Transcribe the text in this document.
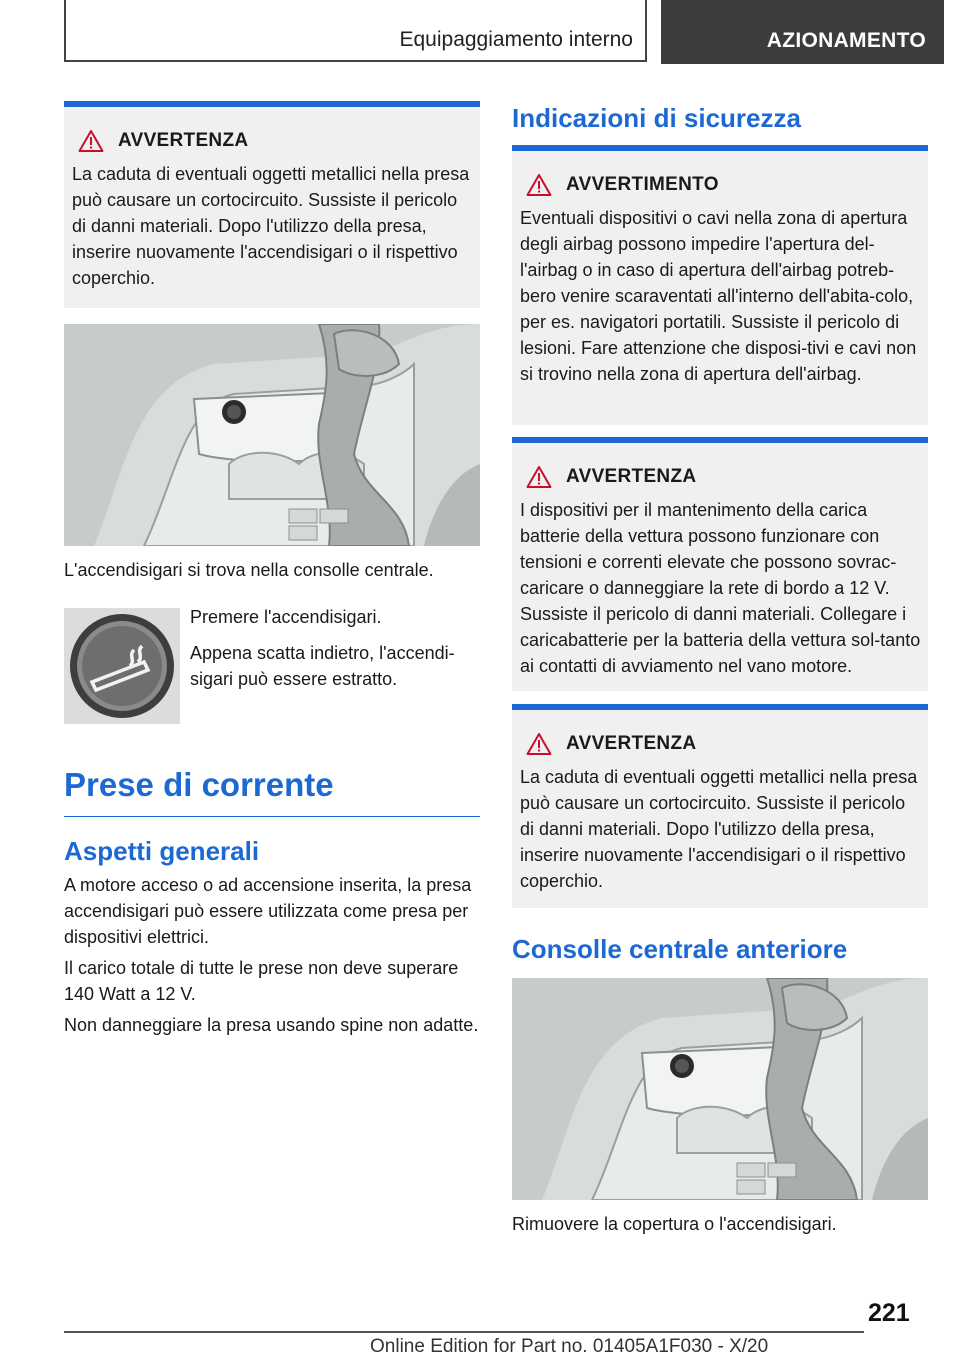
Equipaggiamento interno	AZIONAMENTO
AVVERTENZA
La caduta di eventuali oggetti metallici nella presa può causare un cortocircuito. Sussiste il pericolo di danni materiali. Dopo l'utilizzo della presa, inserire nuovamente l'accendisigari o il rispettivo coperchio.
L'accendisigari si trova nella consolle centrale.
Premere l'accendisigari.
Appena scatta indietro, l'accendi-sigari può essere estratto.
Prese di corrente
Aspetti generali
A motore acceso o ad accensione inserita, la presa accendisigari può essere utilizzata come presa per dispositivi elettrici.
Il carico totale di tutte le prese non deve superare 140 Watt a 12 V.
Non danneggiare la presa usando spine non adatte.
Indicazioni di sicurezza
AVVERTIMENTO
Eventuali dispositivi o cavi nella zona di apertura degli airbag possono impedire l'apertura del-l'airbag o in caso di apertura dell'airbag potreb-bero venire scaraventati all'interno dell'abita-colo, per es. navigatori portatili. Sussiste il pericolo di lesioni. Fare attenzione che disposi-tivi e cavi non si trovino nella zona di apertura dell'airbag.
AVVERTENZA
I dispositivi per il mantenimento della carica batterie della vettura possono funzionare con tensioni e correnti elevate che possono sovrac-caricare o danneggiare la rete di bordo a 12 V. Sussiste il pericolo di danni materiali. Collegare i caricabatterie per la batteria della vettura sol-tanto ai contatti di avviamento nel vano motore.
AVVERTENZA
La caduta di eventuali oggetti metallici nella presa può causare un cortocircuito. Sussiste il pericolo di danni materiali. Dopo l'utilizzo della presa, inserire nuovamente l'accendisigari o il rispettivo coperchio.
Consolle centrale anteriore
Rimuovere la copertura o l'accendisigari.
221
Online Edition for Part no. 01405A1F030 - X/20
